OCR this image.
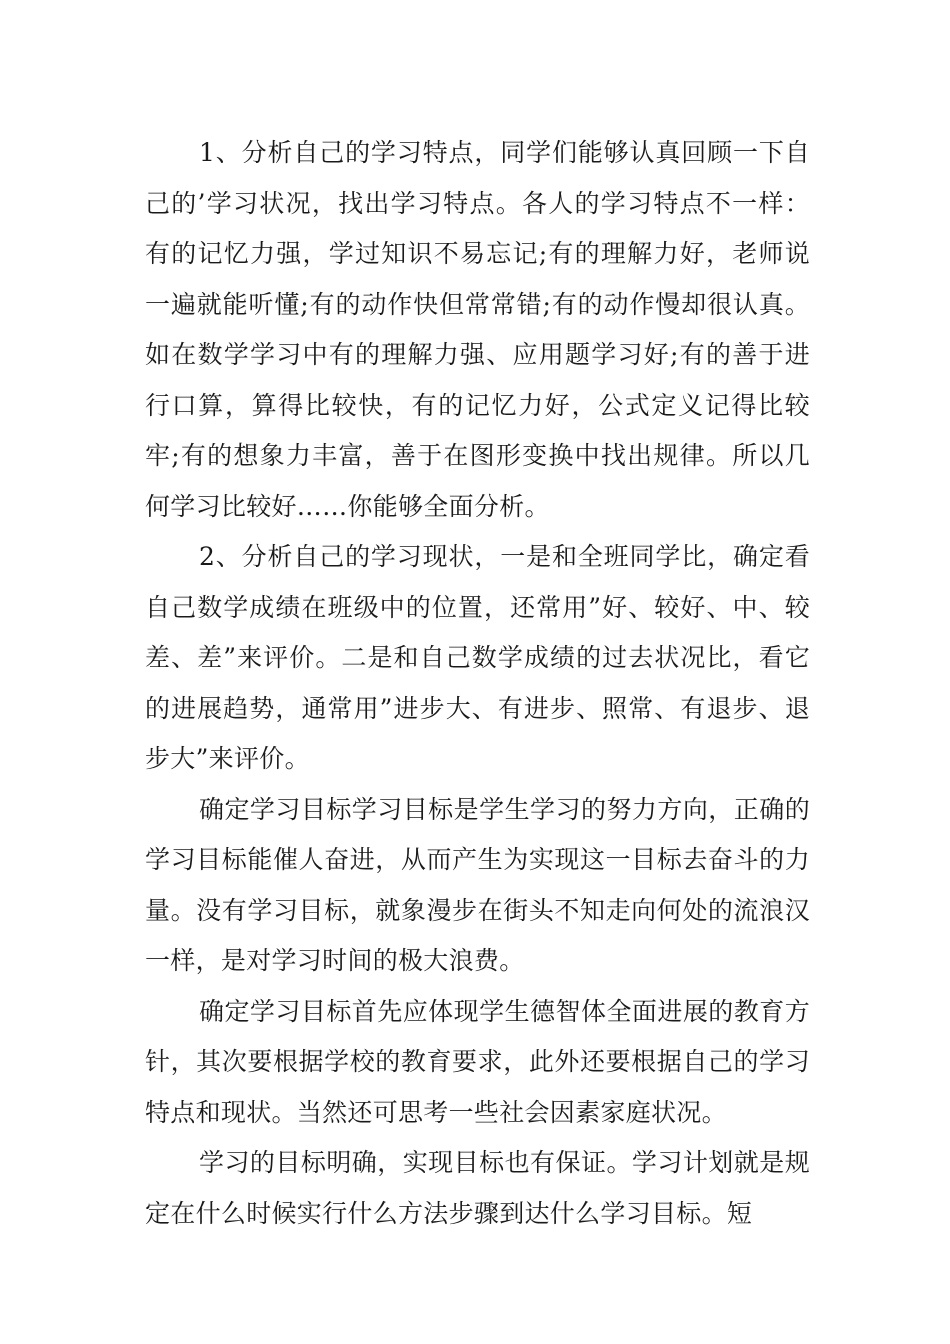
1、分析自己的学习特点，同学们能够认真回顾一下自己的’学习状况，找出学习特点。各人的学习特点不一样：有的记忆力强，学过知识不易忘记;有的理解力好，老师说一遍就能听懂;有的动作快但常常错;有的动作慢却很认真。如在数学学习中有的理解力强、应用题学习好;有的善于进行口算，算得比较快，有的记忆力好，公式定义记得比较牢;有的想象力丰富，善于在图形变换中找出规律。所以几何学习比较好……你能够全面分析。

2、分析自己的学习现状，一是和全班同学比，确定看自己数学成绩在班级中的位置，还常用”好、较好、中、较差、差”来评价。二是和自己数学成绩的过去状况比，看它的进展趋势，通常用”进步大、有进步、照常、有退步、退步大”来评价。

确定学习目标学习目标是学生学习的努力方向，正确的学习目标能催人奋进，从而产生为实现这一目标去奋斗的力量。没有学习目标，就象漫步在街头不知走向何处的流浪汉一样，是对学习时间的极大浪费。

确定学习目标首先应体现学生德智体全面进展的教育方针，其次要根据学校的教育要求，此外还要根据自己的学习特点和现状。当然还可思考一些社会因素家庭状况。

学习的目标明确，实现目标也有保证。学习计划就是规定在什么时候实行什么方法步骤到达什么学习目标。短
